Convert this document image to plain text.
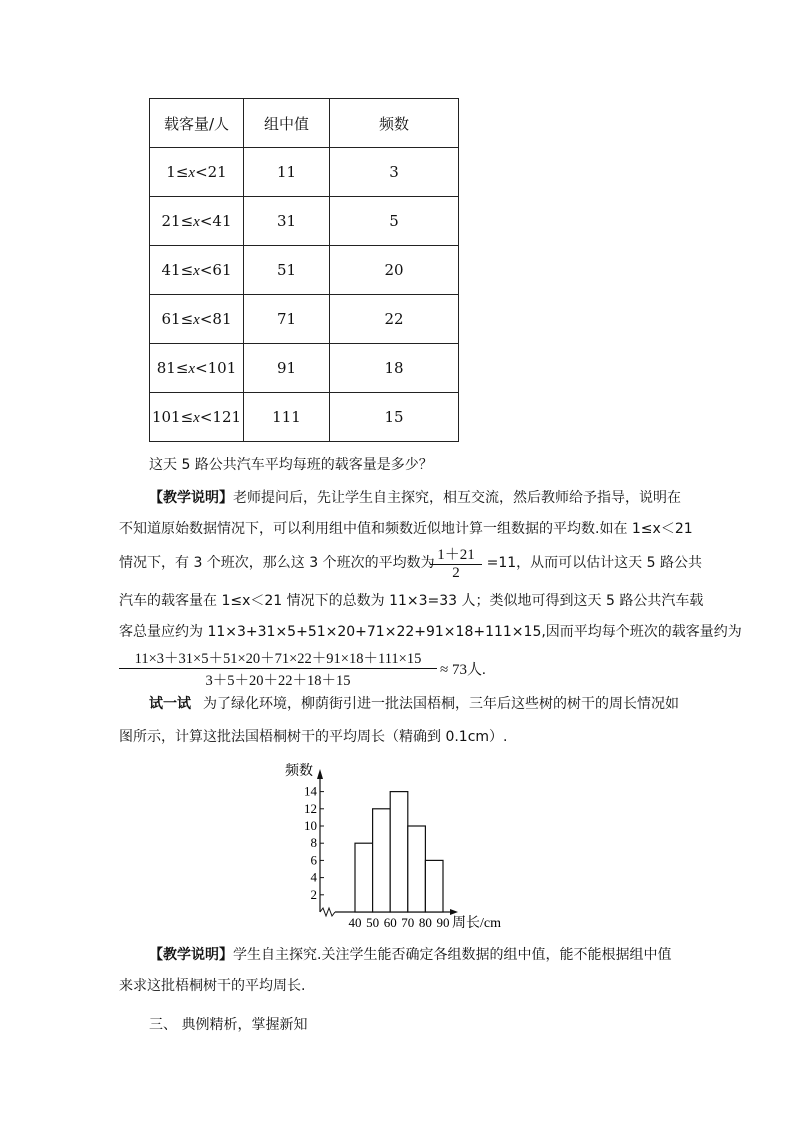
载客量/人	组中值	频数
1≤x<21	11	3
21≤x<41	31	5
41≤x<61	51	20
61≤x<81	71	22
81≤x<101	91	18
101≤x<121	111	15
这天 5 路公共汽车平均每班的载客量是多少？
【教学说明】老师提问后，先让学生自主探究，相互交流，然后教师给予指导，说明在
不知道原始数据情况下，可以利用组中值和频数近似地计算一组数据的平均数.如在 1≤x＜21
情况下，有 3 个班次，那么这 3 个班次的平均数为	=11，从而可以估计这天 5 路公共
1＋21
2
汽车的载客量在 1≤x＜21 情况下的总数为 11×3=33 人；类似地可得到这天 5 路公共汽车载
客总量应约为 11×3+31×5+51×20+71×22+91×18+111×15,因而平均每个班次的载客量约为
11×3＋31×5＋51×20＋71×22＋91×18＋111×15
3＋5＋20＋22＋18＋15
≈ 73人.
试一试 为了绿化环境，柳荫街引进一批法国梧桐，三年后这些树的树干的周长情况如
图所示，计算这批法国梧桐树干的平均周长（精确到 0.1cm）.
频数
周长/cm
2
4
6
8
10
12
14
40 50 60 70 80 90
【教学说明】学生自主探究.关注学生能否确定各组数据的组中值，能不能根据组中值
来求这批梧桐树干的平均周长.
三、 典例精析，掌握新知
